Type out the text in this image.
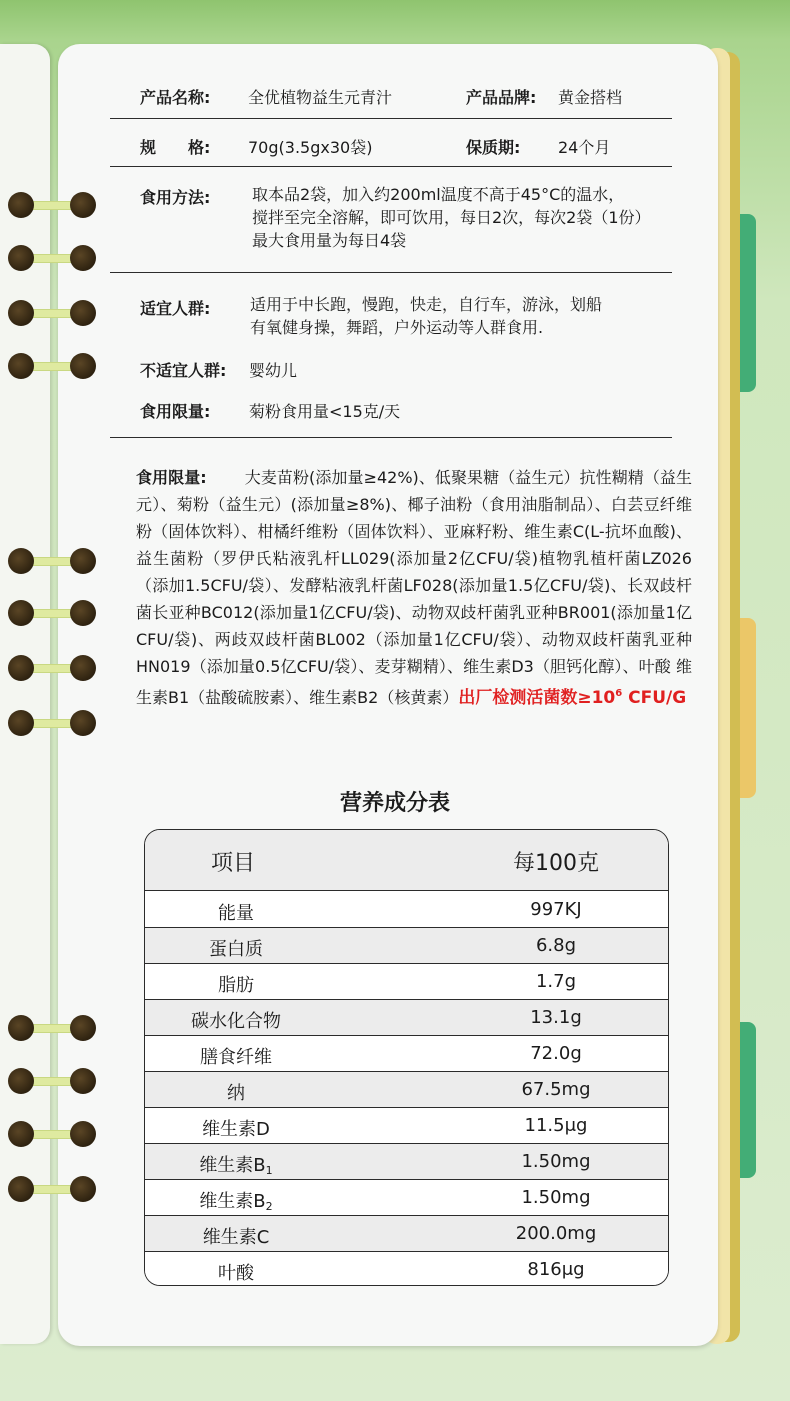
产品名称: 全优植物益生元青汁	产品品牌: 黄金搭档
规　　格: 70g(3.5gx30袋)	保质期: 24个月
食用方法:	取本品2袋，加入约200ml温度不高于45°C的温水，
搅拌至完全溶解，即可饮用，每日2次，每次2袋（1份）
最大食用量为每日4袋
适宜人群: 适用于中长跑，慢跑，快走，自行车，游泳，划船
有氧健身操，舞蹈，户外运动等人群食用.
不适宜人群: 婴幼儿
食用限量: 菊粉食用量<15克/天
食用限量: 大麦苗粉(添加量≥42%)、低聚果糖（益生元）抗性糊精（益生元）、菊粉（益生元）(添加量≥8%)、椰子油粉（食用油脂制品）、白芸豆纤维粉（固体饮料）、柑橘纤维粉（固体饮料）、亚麻籽粉、维生素C(L-抗坏血酸)、益生菌粉（罗伊氏粘液乳杆LL029(添加量2亿CFU/袋)植物乳植杆菌LZ026（添加1.5CFU/袋）、发酵粘液乳杆菌LF028(添加量1.5亿CFU/袋)、长双歧杆菌长亚种BC012(添加量1亿CFU/袋)、动物双歧杆菌乳亚种BR001(添加量1亿CFU/袋)、两歧双歧杆菌BL002（添加量1亿CFU/袋）、动物双歧杆菌乳亚种HN019（添加量0.5亿CFU/袋）、麦芽糊精）、维生素D3（胆钙化醇）、叶酸 维生素B1（盐酸硫胺素）、维生素B2（核黄素）出厂检测活菌数$\ge 10^6$ CFU/G
营养成分表
项目	每100克
能量	997KJ
蛋白质	6.8g
脂肪	1.7g
碳水化合物	13.1g
膳食纤维	72.0g
纳	67.5mg
维生素D	11.5μg
维生素$B_1$	1.50mg
维生素$B_2$	1.50mg
维生素C	200.0mg
叶酸	816μg
